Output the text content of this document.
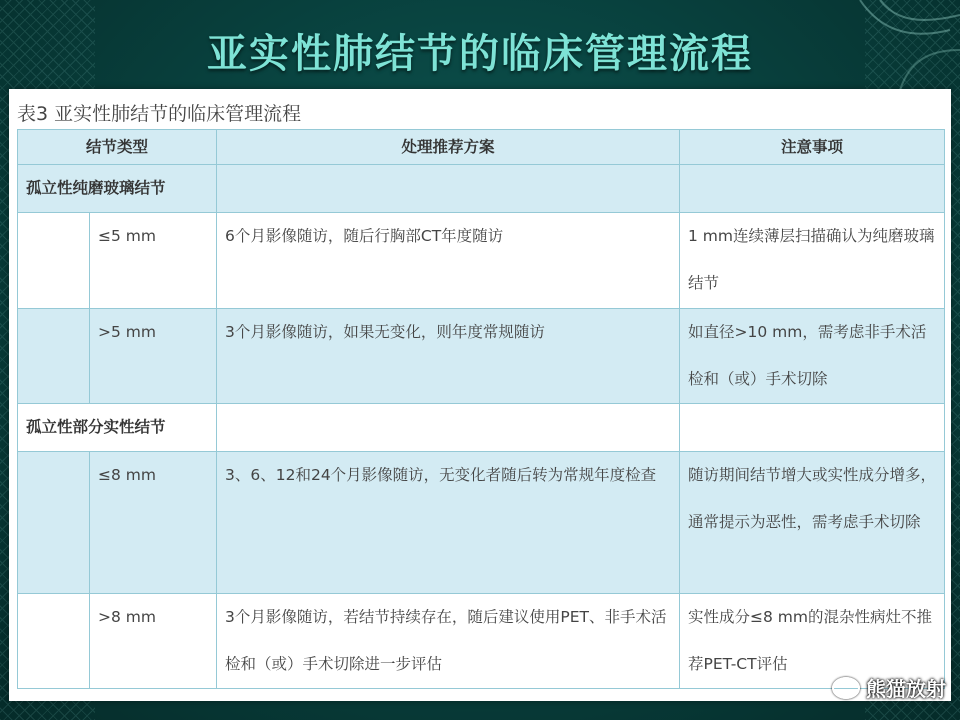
亚实性肺结节的临床管理流程
表3 亚实性肺结节的临床管理流程
结节类型		处理推荐方案	注意事项
孤立性纯磨玻璃结节			
	≤5 mm	6个月影像随访，随后行胸部CT年度随访	1 mm连续薄层扫描确认为纯磨玻璃结节
	>5 mm	3个月影像随访，如果无变化，则年度常规随访	如直径>10 mm，需考虑非手术活检和（或）手术切除
孤立性部分实性结节			
	≤8 mm	3、6、12和24个月影像随访，无变化者随后转为常规年度检查	随访期间结节增大或实性成分增多，通常提示为恶性，需考虑手术切除
	>8 mm	3个月影像随访，若结节持续存在，随后建议使用PET、非手术活检和（或）手术切除进一步评估	实性成分≤8 mm的混杂性病灶不推荐PET-CT评估
熊猫放射
